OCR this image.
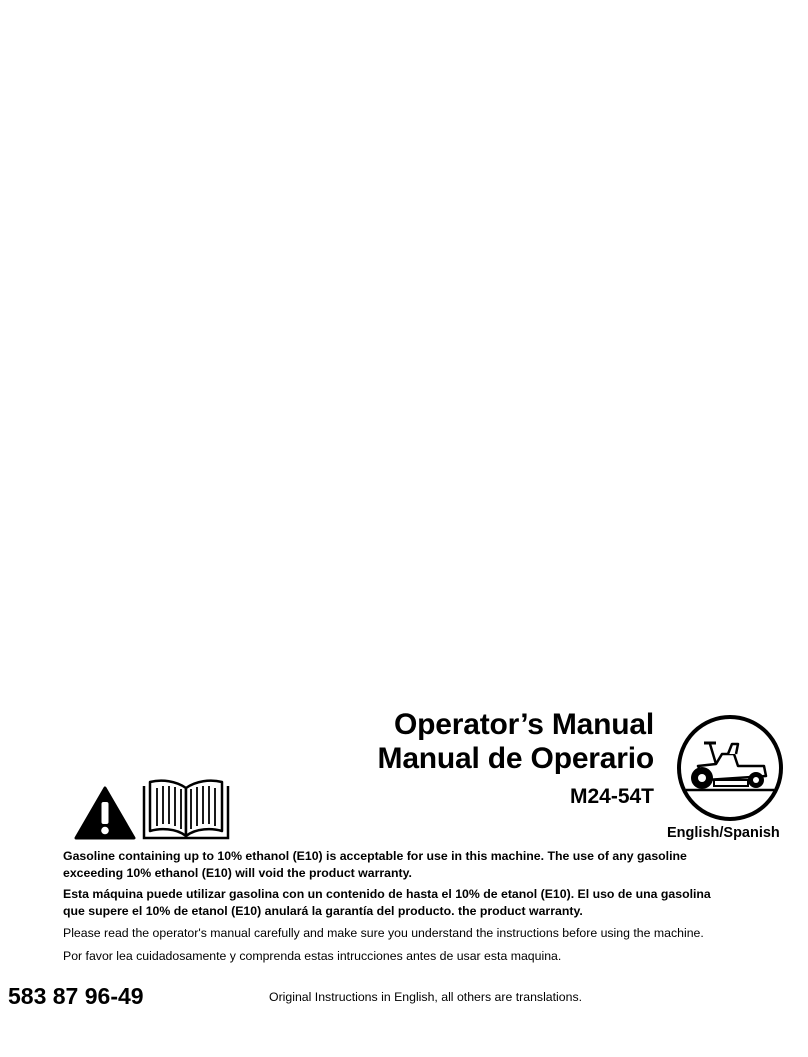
Operator’s Manual
Manual de Operario
M24-54T
English/Spanish

Gasoline containing up to 10% ethanol (E10) is acceptable for use in this machine. The use of any gasoline exceeding 10% ethanol (E10) will void the product warranty.

Esta máquina puede utilizar gasolina con un contenido de hasta el 10% de etanol (E10). El uso de una gasolina que supere el 10% de etanol (E10) anulará la garantía del producto. the product warranty.

Please read the operator's manual carefully and make sure you understand the instructions before using the machine.

Por favor lea cuidadosamente y comprenda estas intrucciones antes de usar esta maquina.

583 87 96-49	Original Instructions in English, all others are translations.
